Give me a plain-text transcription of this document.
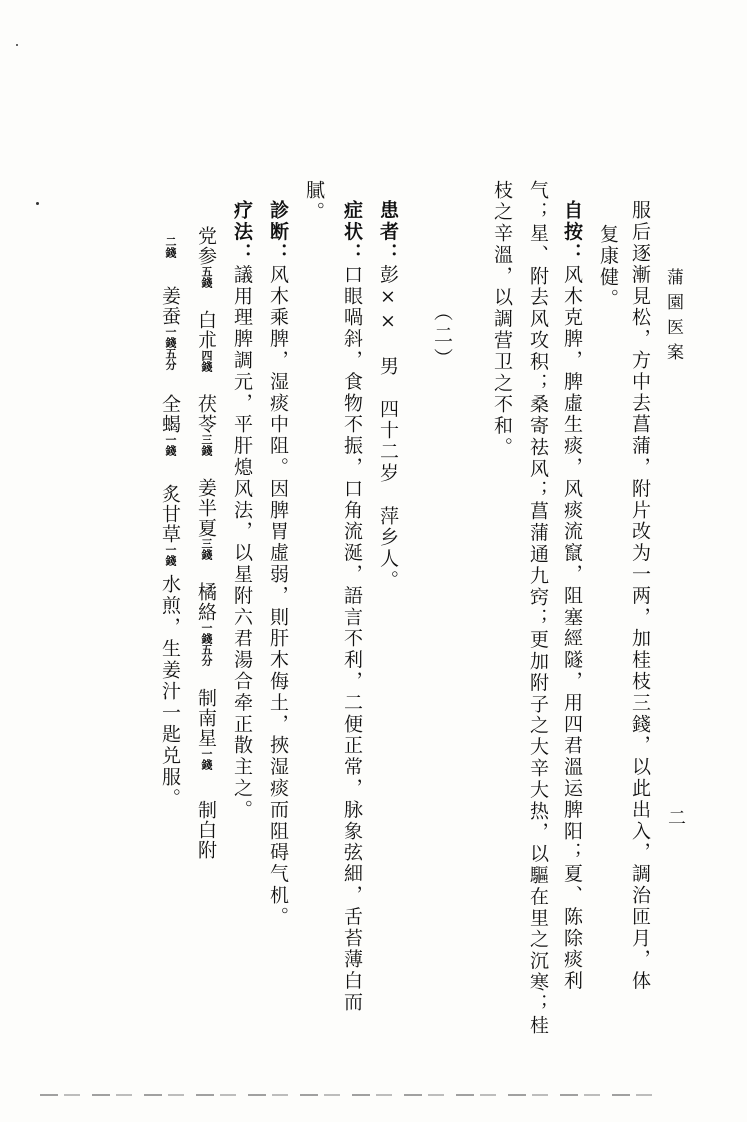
蒲園医案
二
服后逐漸見松，方中去菖蒲，附片改为一两，加桂枝三錢，以此出入，調治匝月，体
复康健。
自按：风木克脾，脾虛生痰，风痰流竄，阻塞經隧，用四君溫运脾阳；夏、陈除痰利
气；星、附去风攻积；桑寄祛风；菖蒲通九窍；更加附子之大辛大热，以驅在里之沉寒；桂
枝之辛溫，以調营卫之不和。
（二）
患者：彭××　男　四十二岁　萍乡人。
症状：口眼喎斜，食物不振，口角流涎，語言不利，二便正常，脉象弦細，舌苔薄白而
膩。
診断：风木乘脾，湿痰中阻。因脾胃虛弱，則肝木侮土，挾湿痰而阻碍气机。
疗法：議用理脾調元，平肝熄风法，以星附六君湯合牵正散主之。
党参五錢白朮四錢茯苓三錢姜半夏三錢橘絡一錢五分制南星一錢制白附
二錢姜蚕一錢五分全蝎一錢炙甘草一錢水煎，生姜汁一匙兑服。
